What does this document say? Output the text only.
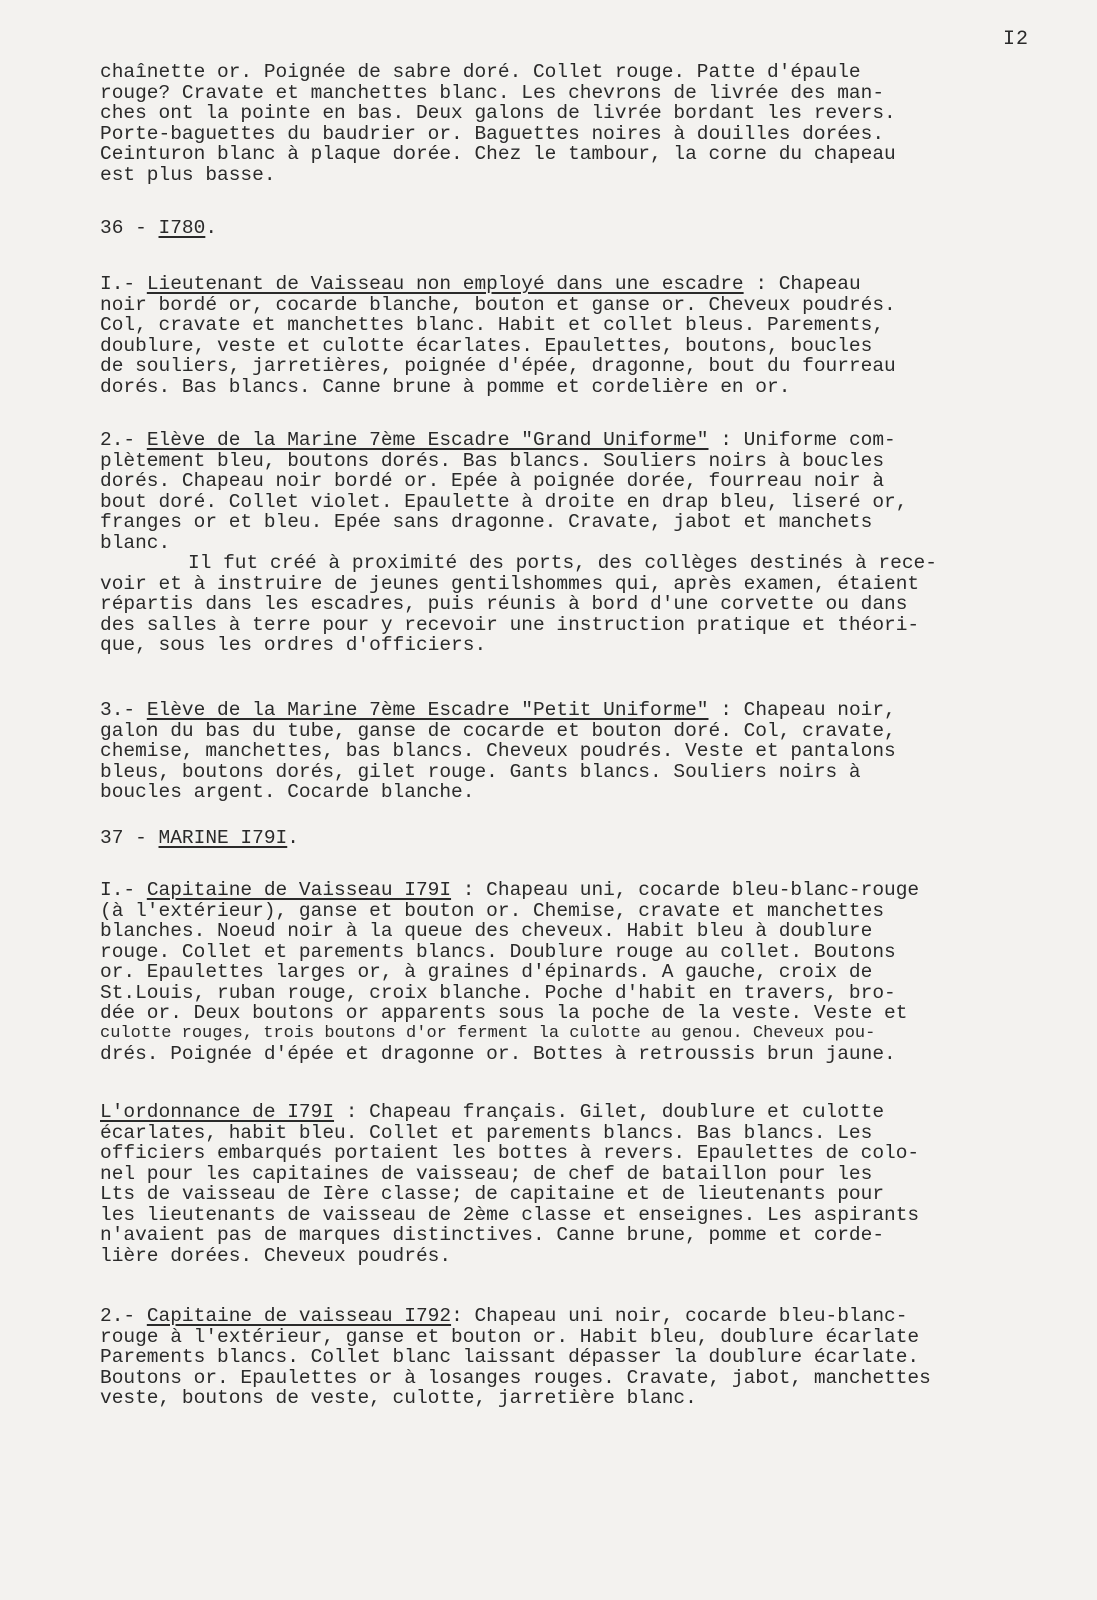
I2
chaînette or. Poignée de sabre doré. Collet rouge. Patte d'épaule
rouge? Cravate et manchettes blanc. Les chevrons de livrée des man-
ches ont la pointe en bas. Deux galons de livrée bordant les revers.
Porte-baguettes du baudrier or. Baguettes noires à douilles dorées.
Ceinturon blanc à plaque dorée. Chez le tambour, la corne du chapeau
est plus basse.
36 - I780.
I.- Lieutenant de Vaisseau non employé dans une escadre : Chapeau
noir bordé or, cocarde blanche, bouton et ganse or. Cheveux poudrés.
Col, cravate et manchettes blanc. Habit et collet bleus. Parements,
doublure, veste et culotte écarlates. Epaulettes, boutons, boucles
de souliers, jarretières, poignée d'épée, dragonne, bout du fourreau
dorés. Bas blancs. Canne brune à pomme et cordelière en or.
2.- Elève de la Marine 7ème Escadre "Grand Uniforme" : Uniforme com-
plètement bleu, boutons dorés. Bas blancs. Souliers noirs à boucles
dorés. Chapeau noir bordé or. Epée à poignée dorée, fourreau noir à
bout doré. Collet violet. Epaulette à droite en drap bleu, liseré or,
franges or et bleu. Epée sans dragonne. Cravate, jabot et manchets
blanc.
Il fut créé à proximité des ports, des collèges destinés à rece-
voir et à instruire de jeunes gentilshommes qui, après examen, étaient
répartis dans les escadres, puis réunis à bord d'une corvette ou dans
des salles à terre pour y recevoir une instruction pratique et théori-
que, sous les ordres d'officiers.
3.- Elève de la Marine 7ème Escadre "Petit Uniforme" : Chapeau noir,
galon du bas du tube, ganse de cocarde et bouton doré. Col, cravate,
chemise, manchettes, bas blancs. Cheveux poudrés. Veste et pantalons
bleus, boutons dorés, gilet rouge. Gants blancs. Souliers noirs à
boucles argent. Cocarde blanche.
37 - MARINE I79I.
I.- Capitaine de Vaisseau I79I : Chapeau uni, cocarde bleu-blanc-rouge
(à l'extérieur), ganse et bouton or. Chemise, cravate et manchettes
blanches. Noeud noir à la queue des cheveux. Habit bleu à doublure
rouge. Collet et parements blancs. Doublure rouge au collet. Boutons
or. Epaulettes larges or, à graines d'épinards. A gauche, croix de
St.Louis, ruban rouge, croix blanche. Poche d'habit en travers, bro-
dée or. Deux boutons or apparents sous la poche de la veste. Veste et
culotte rouges, trois boutons d'or ferment la culotte au genou. Cheveux pou-
drés. Poignée d'épée et dragonne or. Bottes à retroussis brun jaune.
L'ordonnance de I79I : Chapeau français. Gilet, doublure et culotte
écarlates, habit bleu. Collet et parements blancs. Bas blancs. Les
officiers embarqués portaient les bottes à revers. Epaulettes de colo-
nel pour les capitaines de vaisseau; de chef de bataillon pour les
Lts de vaisseau de Ière classe; de capitaine et de lieutenants pour
les lieutenants de vaisseau de 2ème classe et enseignes. Les aspirants
n'avaient pas de marques distinctives. Canne brune, pomme et corde-
lière dorées. Cheveux poudrés.
2.- Capitaine de vaisseau I792: Chapeau uni noir, cocarde bleu-blanc-
rouge à l'extérieur, ganse et bouton or. Habit bleu, doublure écarlate
Parements blancs. Collet blanc laissant dépasser la doublure écarlate.
Boutons or. Epaulettes or à losanges rouges. Cravate, jabot, manchettes
veste, boutons de veste, culotte, jarretière blanc.
